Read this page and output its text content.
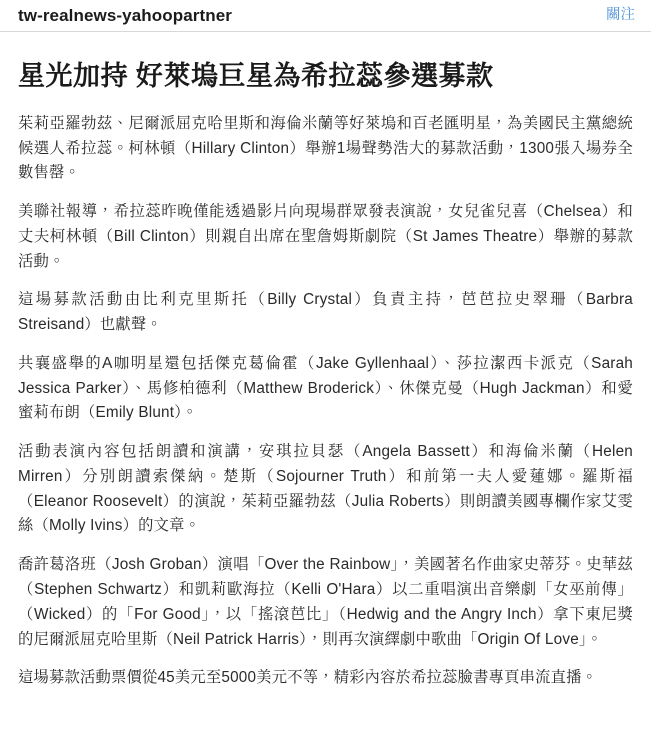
tw-realnews-yahoopartner	關注
星光加持 好萊塢巨星為希拉蕊參選募款

茱莉亞羅勃茲、尼爾派屈克哈里斯和海倫米蘭等好萊塢和百老匯明星，為美國民主黨總統候選人希拉蕊。柯林頓（Hillary Clinton）舉辦1場聲勢浩大的募款活動，1300張入場券全數售罄。

美聯社報導，希拉蕊昨晚僅能透過影片向現場群眾發表演說，女兒雀兒喜（Chelsea）和丈夫柯林頓（Bill Clinton）則親自出席在聖詹姆斯劇院（St James Theatre）舉辦的募款活動。

這場募款活動由比利克里斯托（Billy Crystal）負責主持，芭芭拉史翠珊（Barbra Streisand）也獻聲。

共襄盛舉的A咖明星還包括傑克葛倫霍（Jake Gyllenhaal）、莎拉潔西卡派克（Sarah Jessica Parker）、馬修柏德利（Matthew Broderick）、休傑克曼（Hugh Jackman）和愛蜜莉布朗（Emily Blunt）。

活動表演內容包括朗讀和演講，安琪拉貝瑟（Angela Bassett）和海倫米蘭（Helen Mirren）分別朗讀索傑納。楚斯（Sojourner Truth）和前第一夫人愛蓮娜。羅斯福（Eleanor Roosevelt）的演說，茱莉亞羅勃茲（Julia Roberts）則朗讀美國專欄作家艾雯絲（Molly Ivins）的文章。

喬許葛洛班（Josh Groban）演唱「Over the Rainbow」，美國著名作曲家史蒂芬。史華茲（Stephen Schwartz）和凱莉歐海拉（Kelli O'Hara）以二重唱演出音樂劇「女巫前傳」（Wicked）的「For Good」，以「搖滾芭比」（Hedwig and the Angry Inch）拿下東尼獎的尼爾派屈克哈里斯（Neil Patrick Harris），則再次演繹劇中歌曲「Origin Of Love」。

這場募款活動票價從45美元至5000美元不等，精彩內容於希拉蕊臉書專頁串流直播。
